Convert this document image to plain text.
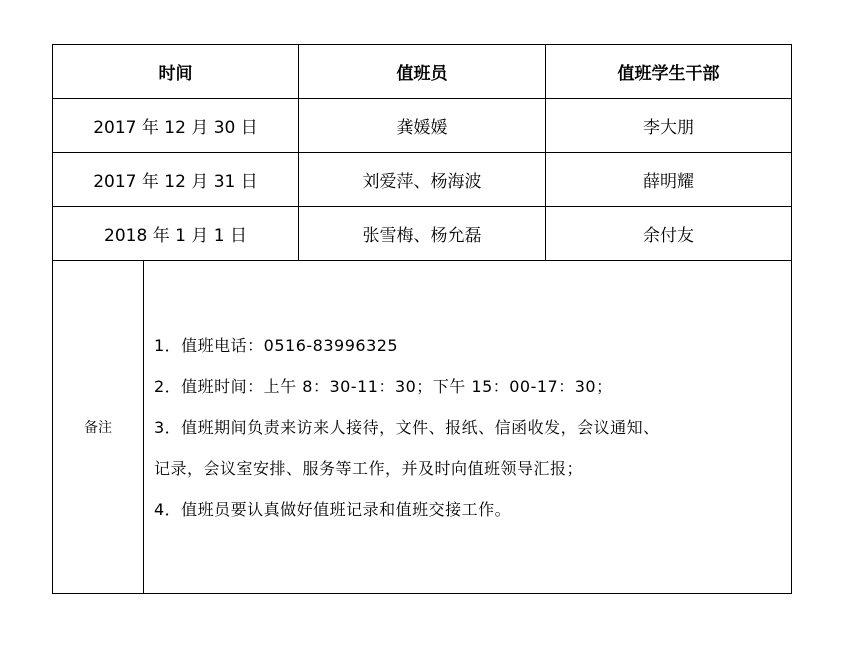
时间	值班员	值班学生干部
2017 年 12 月 30 日	龚媛媛	李大朋
2017 年 12 月 31 日	刘爱萍、杨海波	薛明耀
2018 年 1 月 1 日	张雪梅、杨允磊	余付友
备注
1．值班电话：0516-83996325
2．值班时间：上午 8：30-11：30；下午 15：00-17：30；
3．值班期间负责来访来人接待，文件、报纸、信函收发，会议通知、
记录，会议室安排、服务等工作，并及时向值班领导汇报；
4．值班员要认真做好值班记录和值班交接工作。
